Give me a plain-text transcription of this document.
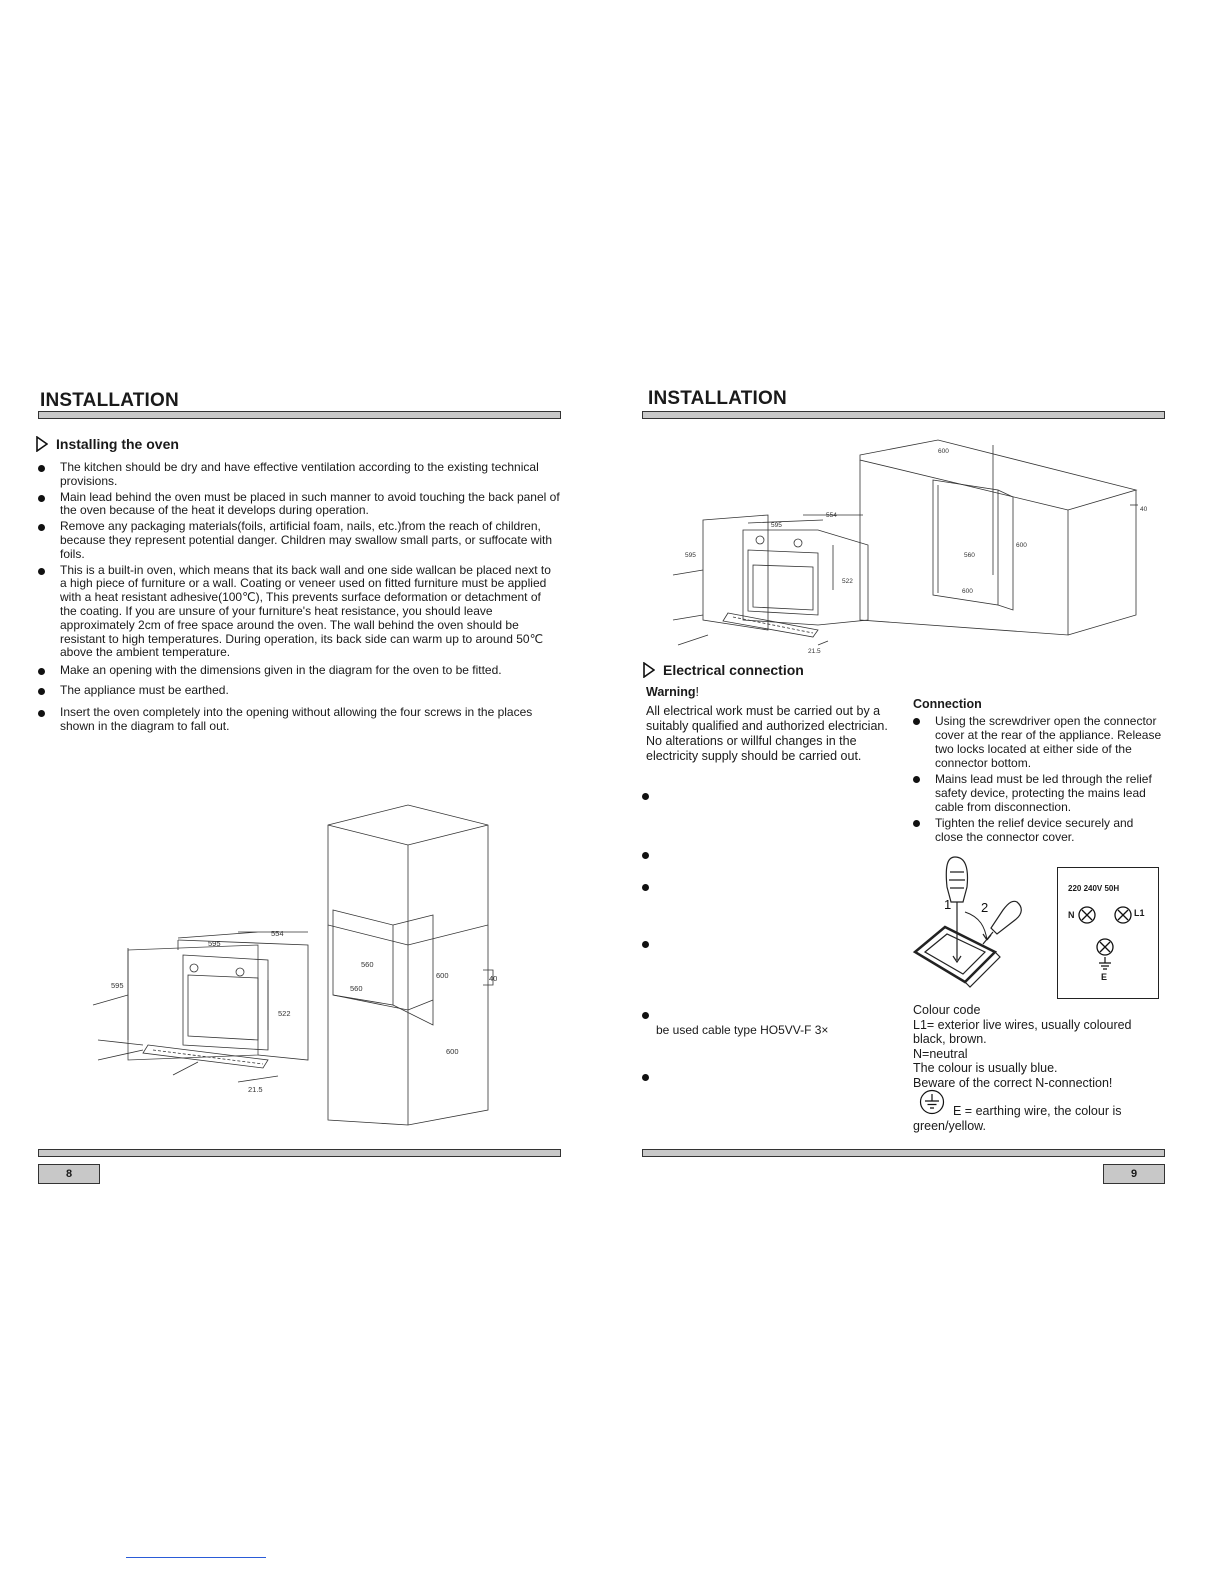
INSTALLATION
Installing the oven
The kitchen should be dry and have effective ventilation according to the existing technical provisions.
Main lead behind the oven must be placed in such manner to avoid touching the back panel of the oven because of the heat it develops during operation.
Remove any packaging materials(foils, artificial foam, nails, etc.)from the reach of children, because they represent potential danger. Children may swallow small parts, or suffocate with foils.
This is a built-in oven, which means that its back wall and one side wallcan be placed next to a high piece of furniture or a wall. Coating or veneer used on fitted furniture must be applied with a heat resistant adhesive(100℃), This prevents surface deformation or detachment of the coating. If you are unsure of your furniture's heat resistance, you should leave approximately 2cm of free space around the oven. The wall behind the oven should be resistant to high temperatures. During operation, its back side can warm up to around 50℃ above the ambient temperature.
Make an opening with the dimensions given in the diagram for the oven to be fitted.
The appliance must be earthed.
Insert the oven completely into the opening without allowing the four screws in the places shown in the diagram to fall out.
554
595
595
522
21.5
560
560
600
600
40
8
INSTALLATION
554
595
595
522
21.5
560
600
600
600
40
Electrical connection
Warning!
All electrical work must be carried out by a suitably qualified and authorized electrician. No alterations or willful changes in the electricity supply should be carried out.
be used cable type HO5VV-F 3×
Connection
Using the screwdriver open the connector cover at the rear of the appliance. Release two locks located at either side of the connector bottom.
Mains lead must be led through the relief safety device, protecting the mains lead cable from disconnection.
Tighten the relief device securely and close the connector cover.
1 2
220 240V 50H
N	L1
E
Colour code
L1= exterior live wires, usually coloured
black, brown.
N=neutral
The colour is usually blue.
Beware of the correct N-connection!
E = earthing wire, the colour is
green/yellow.
9
